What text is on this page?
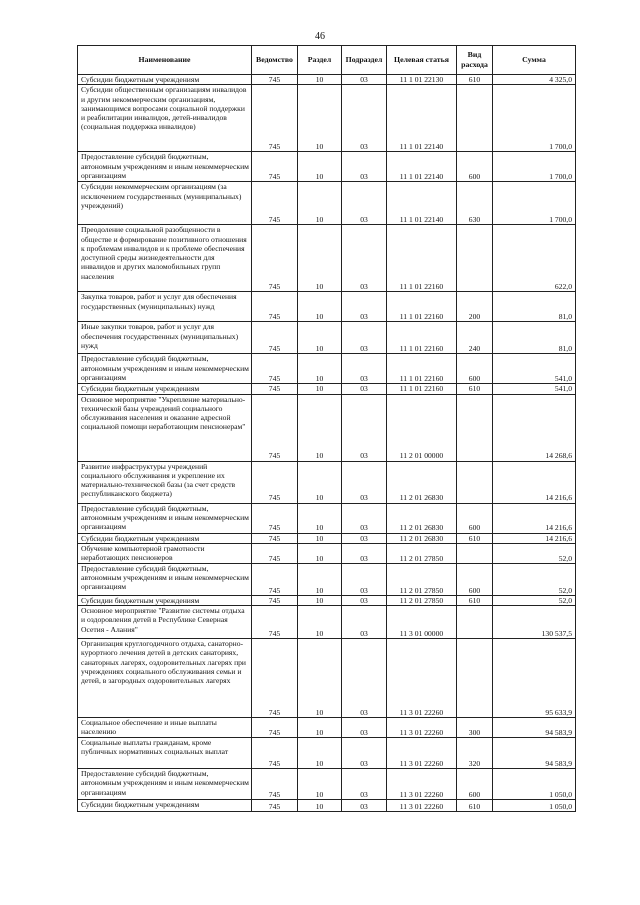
46
Наименование	Ведомство	Раздел	Подраздел	Целевая статья	Вид расхода	Сумма
Субсидии бюджетным учреждениям	745	10	03	11 1 01 22130	610	4 325,0
Субсидии общественным организациям инвалидов и другим некоммерческим организациям, занимающимся вопросами социальной поддержки и реабилитации инвалидов, детей-инвалидов (социальная поддержка инвалидов)	745	10	03	11 1 01 22140		1 700,0
Предоставление субсидий бюджетным, автономным учреждениям и иным некоммерческим организациям	745	10	03	11 1 01 22140	600	1 700,0
Субсидии некоммерческим организациям (за исключением государственных (муниципальных) учреждений)	745	10	03	11 1 01 22140	630	1 700,0
Преодоление социальной разобщенности в обществе и формирование позитивного отношения к проблемам инвалидов и к проблеме обеспечения доступной среды жизнедеятельности для инвалидов и других маломобильных групп населения	745	10	03	11 1 01 22160		622,0
Закупка товаров, работ и услуг для обеспечения государственных (муниципальных) нужд	745	10	03	11 1 01 22160	200	81,0
Иные закупки товаров, работ и услуг для обеспечения государственных (муниципальных) нужд	745	10	03	11 1 01 22160	240	81,0
Предоставление субсидий бюджетным, автономным учреждениям и иным некоммерческим организациям	745	10	03	11 1 01 22160	600	541,0
Субсидии бюджетным учреждениям	745	10	03	11 1 01 22160	610	541,0
Основное мероприятие "Укрепление материально-технической базы учреждений социального обслуживания населения и оказание адресной социальной помощи неработающим пенсионерам"	745	10	03	11 2 01 00000		14 268,6
Развитие инфраструктуры учреждений социального обслуживания и укрепление их материально-технической базы (за счет средств республиканского бюджета)	745	10	03	11 2 01 26830		14 216,6
Предоставление субсидий бюджетным, автономным учреждениям и иным некоммерческим организациям	745	10	03	11 2 01 26830	600	14 216,6
Субсидии бюджетным учреждениям	745	10	03	11 2 01 26830	610	14 216,6
Обучение компьютерной грамотности неработающих пенсионеров	745	10	03	11 2 01 27850		52,0
Предоставление субсидий бюджетным, автономным учреждениям и иным некоммерческим организациям	745	10	03	11 2 01 27850	600	52,0
Субсидии бюджетным учреждениям	745	10	03	11 2 01 27850	610	52,0
Основное мероприятие "Развитие системы отдыха и оздоровления детей в Республике Северная Осетия - Алания"	745	10	03	11 3 01 00000		130 537,5
Организация круглогодичного отдыха, санаторно-курортного лечения детей в детских санаториях, санаторных лагерях, оздоровительных лагерях при учреждениях социального обслуживания семьи и детей, в загородных оздоровительных лагерях	745	10	03	11 3 01 22260		95 633,9
Социальное обеспечение и иные выплаты населению	745	10	03	11 3 01 22260	300	94 583,9
Социальные выплаты гражданам, кроме публичных нормативных социальных выплат	745	10	03	11 3 01 22260	320	94 583,9
Предоставление субсидий бюджетным, автономным учреждениям и иным некоммерческим организациям	745	10	03	11 3 01 22260	600	1 050,0
Субсидии бюджетным учреждениям	745	10	03	11 3 01 22260	610	1 050,0
